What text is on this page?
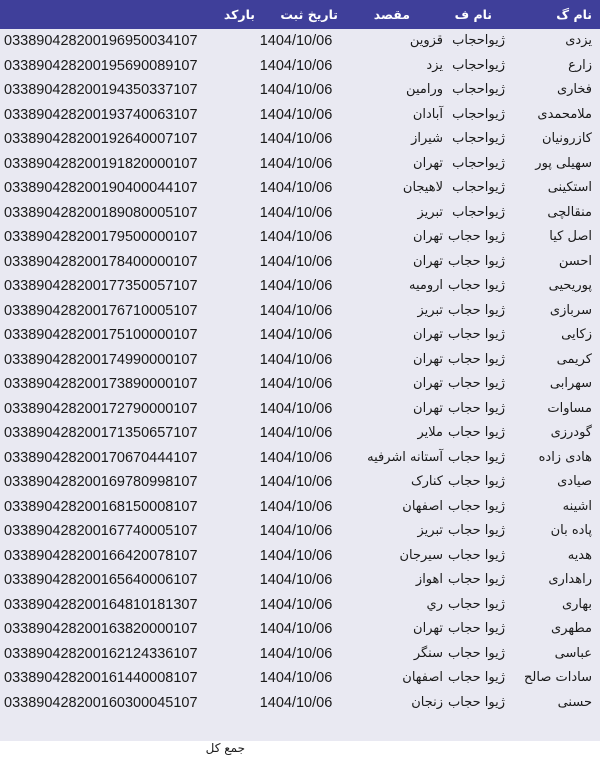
نام گ
نام ف
مقصد
تاریخ ثبت
بارکد
یزدی
ژیواحجاب
قزوین
1404/10/06
033890428200196950034107
زارع
ژیواحجاب
یزد
1404/10/06
033890428200195690089107
فخاری
ژیواحجاب
ورامین
1404/10/06
033890428200194350337107
ملامحمدی
ژیواحجاب
آبادان
1404/10/06
033890428200193740063107
کازرونیان
ژیواحجاب
شیراز
1404/10/06
033890428200192640007107
سهیلی پور
ژیواحجاب
تهران
1404/10/06
033890428200191820000107
استکینی
ژیواحجاب
لاهیجان
1404/10/06
033890428200190400044107
منقالچی
ژیواحجاب
تبریز
1404/10/06
033890428200189080005107
اصل کیا
ژیوا حجاب
تهران
1404/10/06
033890428200179500000107
احسن
ژیوا حجاب
تهران
1404/10/06
033890428200178400000107
پوریحیی
ژیوا حجاب
ارومیه
1404/10/06
033890428200177350057107
سربازی
ژیوا حجاب
تبریز
1404/10/06
033890428200176710005107
زکایی
ژیوا حجاب
تهران
1404/10/06
033890428200175100000107
کریمی
ژیوا حجاب
تهران
1404/10/06
033890428200174990000107
سهرابی
ژیوا حجاب
تهران
1404/10/06
033890428200173890000107
مساوات
ژیوا حجاب
تهران
1404/10/06
033890428200172790000107
گودرزی
ژیوا حجاب
ملایر
1404/10/06
033890428200171350657107
هادی زاده
ژیوا حجاب
آستانه اشرفیه
1404/10/06
033890428200170670444107
صیادی
ژیوا حجاب
کنارک
1404/10/06
033890428200169780998107
اشینه
ژیوا حجاب
اصفهان
1404/10/06
033890428200168150008107
پاده بان
ژیوا حجاب
تبریز
1404/10/06
033890428200167740005107
هدیه
ژیوا حجاب
سیرجان
1404/10/06
033890428200166420078107
راهداری
ژیوا حجاب
اهواز
1404/10/06
033890428200165640006107
بهاری
ژیوا حجاب
ري
1404/10/06
033890428200164810181307
مطهری
ژیوا حجاب
تهران
1404/10/06
033890428200163820000107
عباسی
ژیوا حجاب
سنگر
1404/10/06
033890428200162124336107
سادات صالح
ژیوا حجاب
اصفهان
1404/10/06
033890428200161440008107
حسنی
ژیوا حجاب
زنجان
1404/10/06
033890428200160300045107
جمع کل
